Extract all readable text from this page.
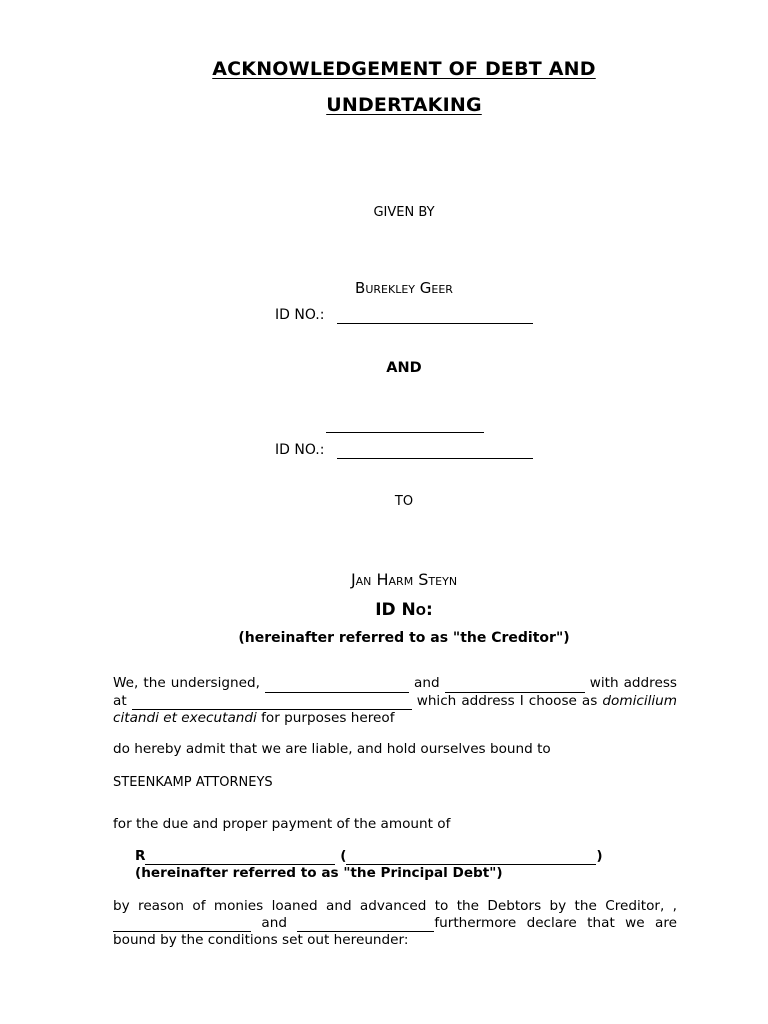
ACKNOWLEDGEMENT OF DEBT AND
UNDERTAKING
GIVEN BY
Burekley Geer
ID NO.:
AND
ID NO.:
TO
Jan Harm Steyn
ID No:
(hereinafter referred to as "the Creditor")
We, the undersigned,	and	with address at	which address I choose as domicilium citandi et executandi for purposes hereof
do hereby admit that we are liable, and hold ourselves bound to
STEENKAMP ATTORNEYS
for the due and proper payment of the amount of
R	(	)
(hereinafter referred to as "the Principal Debt")
by reason of monies loaned and advanced to the Debtors by the Creditor, ,   and	furthermore declare that we are bound by the conditions set out hereunder:
